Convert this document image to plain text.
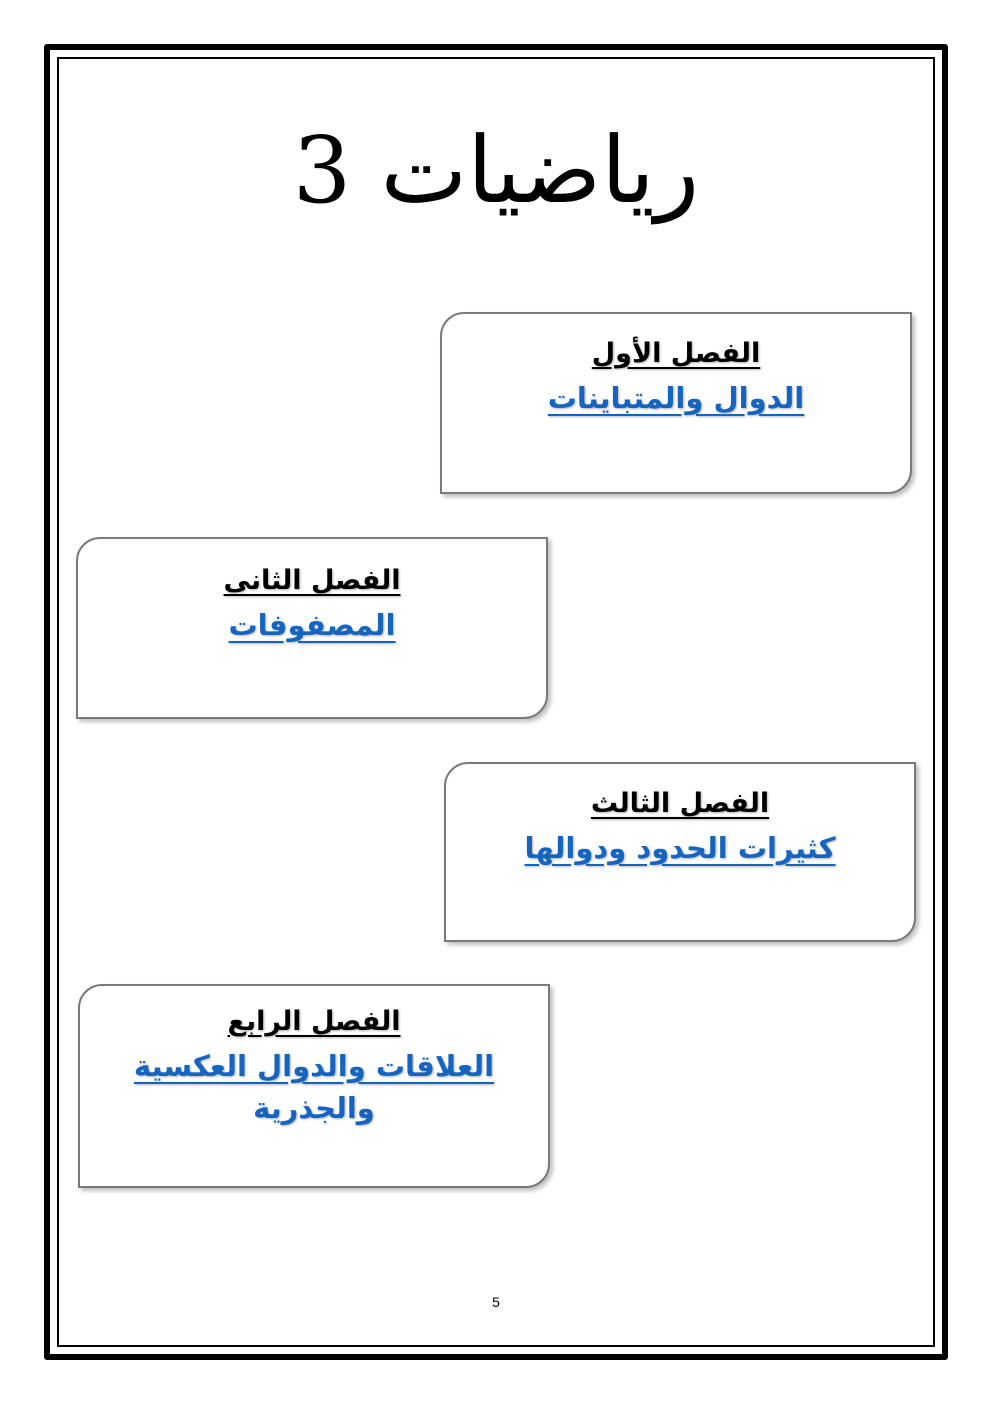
رياضيات 3
الفصل الأول
الدوال والمتباينات
الفصل الثانى
المصفوفات
الفصل الثالث
كثيرات الحدود ودوالها
الفصل الرابع
العلاقات والدوال العكسية
والجذرية
5
